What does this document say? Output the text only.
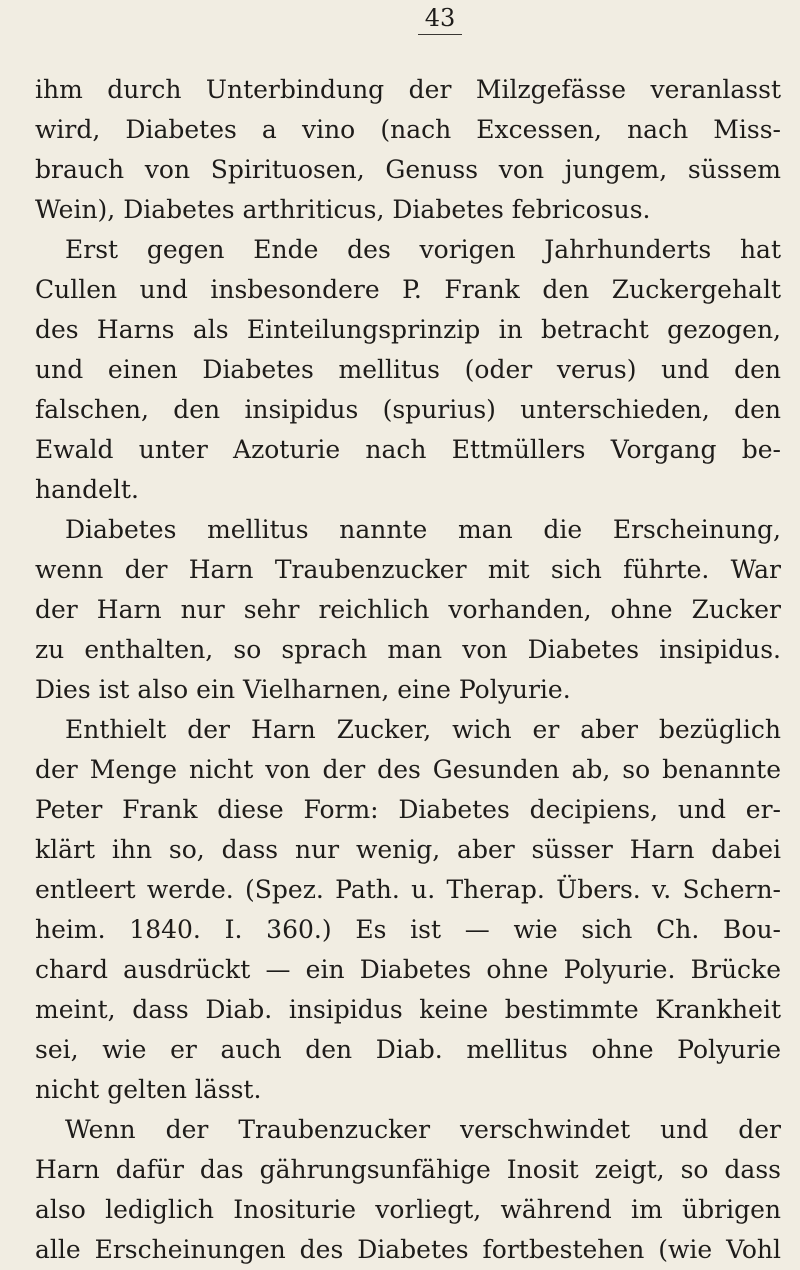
43
ihm durch Unterbindung der Milzgefässe veranlasst
wird, Diabetes a vino (nach Excessen, nach Miss-
brauch von Spirituosen, Genuss von jungem, süssem
Wein), Diabetes arthriticus, Diabetes febricosus.
Erst gegen Ende des vorigen Jahrhunderts hat
Cullen und insbesondere P. Frank den Zuckergehalt
des Harns als Einteilungsprinzip in betracht gezogen,
und einen Diabetes mellitus (oder verus) und den
falschen, den insipidus (spurius) unterschieden, den
Ewald unter Azoturie nach Ettmüllers Vorgang be-
handelt.
Diabetes mellitus nannte man die Erscheinung,
wenn der Harn Traubenzucker mit sich führte. War
der Harn nur sehr reichlich vorhanden, ohne Zucker
zu enthalten, so sprach man von Diabetes insipidus.
Dies ist also ein Vielharnen, eine Polyurie.
Enthielt der Harn Zucker, wich er aber bezüglich
der Menge nicht von der des Gesunden ab, so benannte
Peter Frank diese Form: Diabetes decipiens, und er-
klärt ihn so, dass nur wenig, aber süsser Harn dabei
entleert werde. (Spez. Path. u. Therap. Übers. v. Schern-
heim. 1840. I. 360.) Es ist — wie sich Ch. Bou-
chard ausdrückt — ein Diabetes ohne Polyurie. Brücke
meint, dass Diab. insipidus keine bestimmte Krankheit
sei, wie er auch den Diab. mellitus ohne Polyurie
nicht gelten lässt.
Wenn der Traubenzucker verschwindet und der
Harn dafür das gährungsunfähige Inosit zeigt, so dass
also lediglich Inositurie vorliegt, während im übrigen
alle Erscheinungen des Diabetes fortbestehen (wie Vohl
